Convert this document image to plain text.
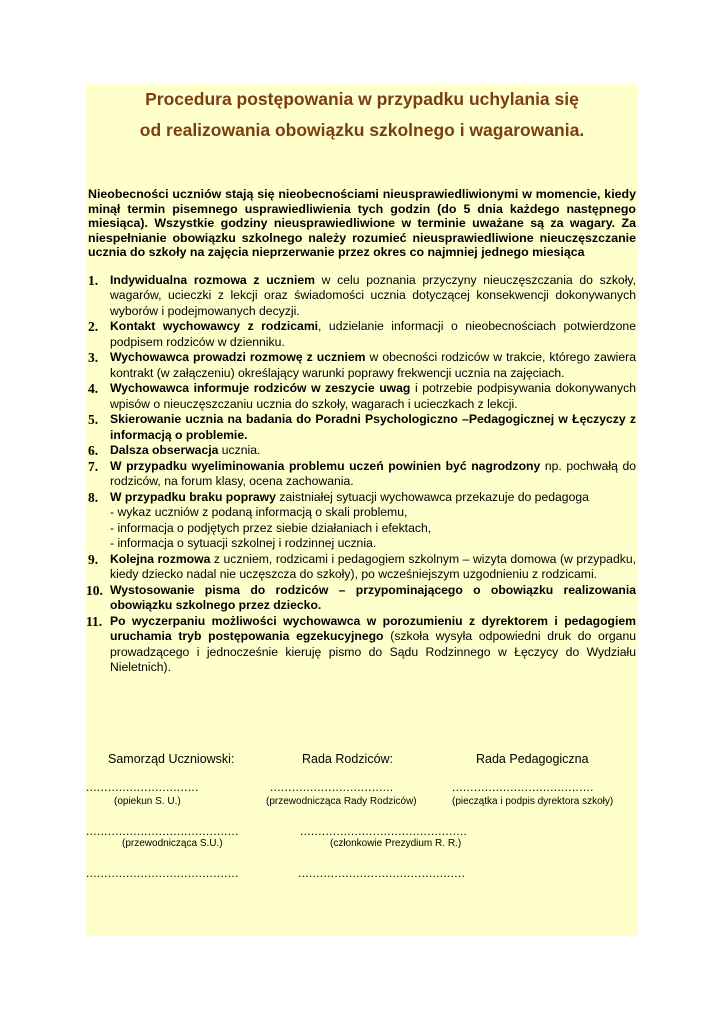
Procedura postępowania w przypadku uchylania się
od realizowania obowiązku szkolnego i wagarowania.
Nieobecności uczniów stają się nieobecnościami nieusprawiedliwionymi w momencie, kiedy minął termin pisemnego usprawiedliwienia tych godzin (do 5 dnia każdego następnego miesiąca). Wszystkie godziny nieusprawiedliwione w terminie uważane są za wagary. Za niespełnianie obowiązku szkolnego należy rozumieć nieusprawiedliwione nieuczęszczanie ucznia do szkoły na zajęcia nieprzerwanie przez okres co najmniej jednego miesiąca
1. Indywidualna rozmowa z uczniem w celu poznania przyczyny nieuczęszczania do szkoły, wagarów, ucieczki z lekcji oraz świadomości ucznia dotyczącej konsekwencji dokonywanych wyborów i podejmowanych decyzji.
2. Kontakt wychowawcy z rodzicami, udzielanie informacji o nieobecnościach potwierdzone podpisem rodziców w dzienniku.
3. Wychowawca prowadzi rozmowę z uczniem w obecności rodziców w trakcie, którego zawiera kontrakt (w załączeniu) określający warunki poprawy frekwencji ucznia na zajęciach.
4. Wychowawca informuje rodziców w zeszycie uwag i potrzebie podpisywania dokonywanych wpisów o nieuczęszczaniu ucznia do szkoły, wagarach i ucieczkach z lekcji.
5. Skierowanie ucznia na badania do Poradni Psychologiczno –Pedagogicznej w Łęczyczy z informacją o problemie.
6. Dalsza obserwacja ucznia.
7. W przypadku wyeliminowania problemu uczeń powinien być nagrodzony np. pochwałą do rodziców, na forum klasy, ocena zachowania.
8. W przypadku braku poprawy zaistniałej sytuacji wychowawca przekazuje do pedagoga
- wykaz uczniów z podaną informacją o skali problemu,
- informacja o podjętych przez siebie działaniach i efektach,
- informacja o sytuacji szkolnej i rodzinnej ucznia.
9. Kolejna rozmowa z uczniem, rodzicami i pedagogiem szkolnym – wizyta domowa (w przypadku, kiedy dziecko nadal nie uczęszcza do szkoły), po wcześniejszym uzgodnieniu z rodzicami.
10. Wystosowanie pisma do rodziców – przypominającego o obowiązku realizowania obowiązku szkolnego przez dziecko.
11. Po wyczerpaniu możliwości wychowawca w porozumieniu z dyrektorem i pedagogiem uruchamia tryb postępowania egzekucyjnego (szkoła wysyła odpowiedni druk do organu prowadzącego i jednocześnie kieruję pismo do Sądu Rodzinnego w Łęczycy do Wydziału Nieletnich).
Samorząd Uczniowski:	Rada Rodziców:	Rada Pedagogiczna
...............................	..................................	.......................................
(opiekun S. U.)	(przewodnicząca Rady Rodziców)	(pieczątka i podpis dyrektora szkoły)
..........................................	..............................................
(przewodnicząca S.U.)	(członkowie Prezydium R. R.)
..........................................	..............................................
